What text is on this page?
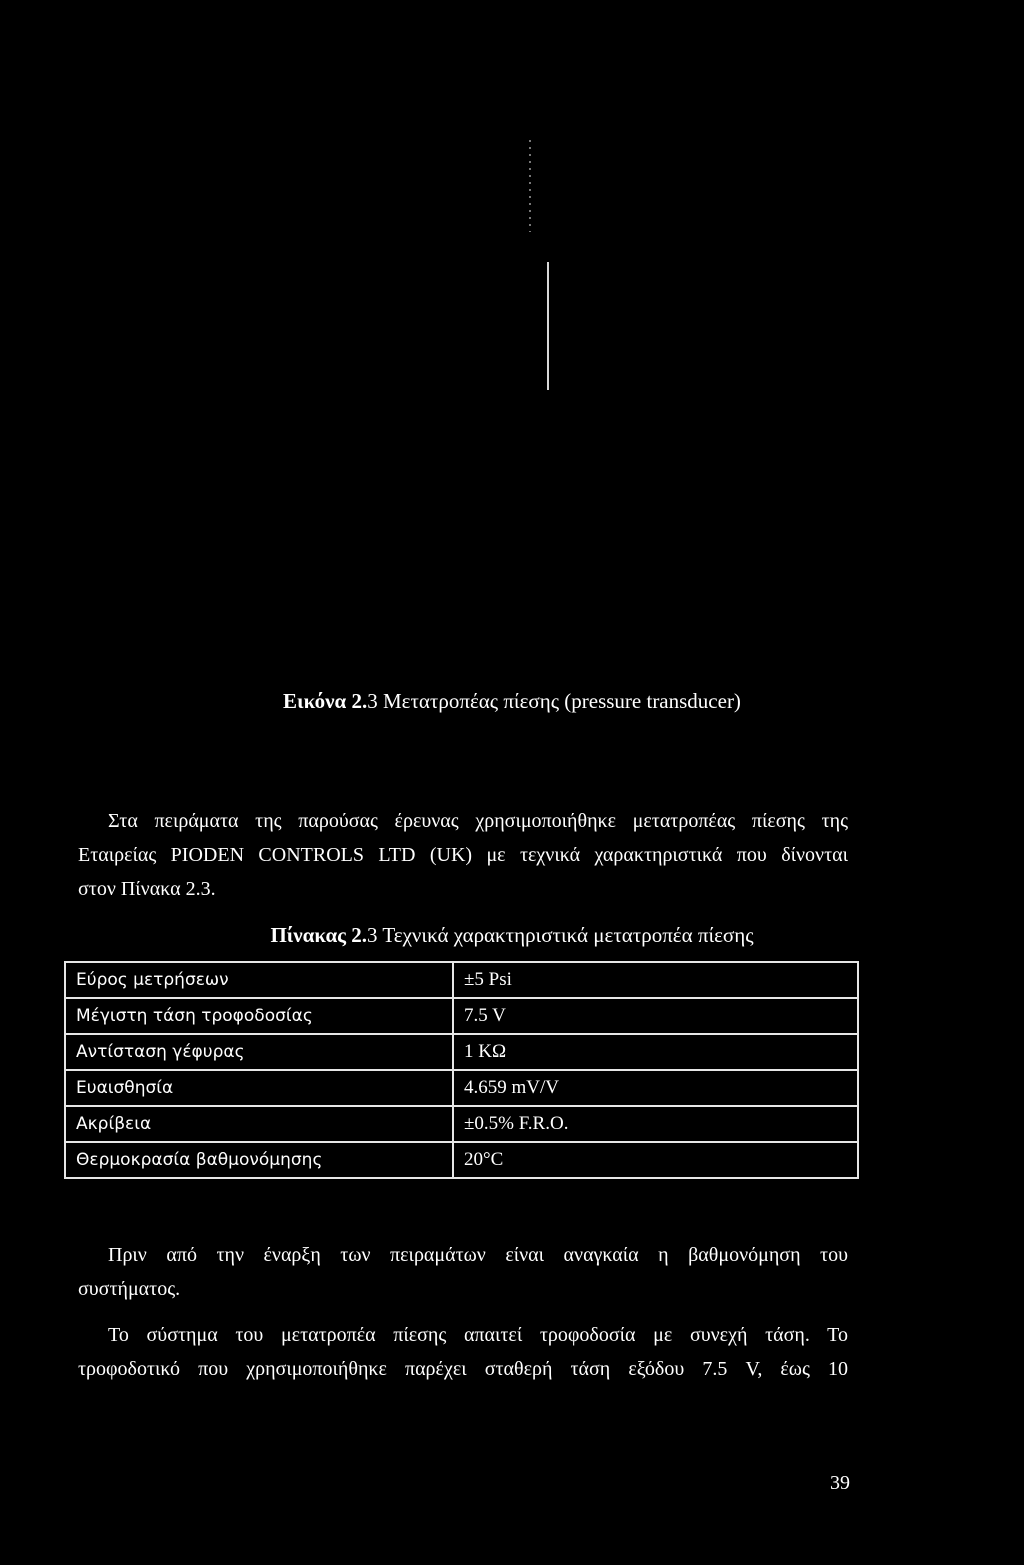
Εικόνα 2.3 Μετατροπέας πίεσης (pressure transducer)
Στα πειράματα της παρούσας έρευνας χρησιμοποιήθηκε μετατροπέας πίεσης της
Εταιρείας PIODEN CONTROLS LTD (UK) με τεχνικά χαρακτηριστικά που δίνονται
στον Πίνακα 2.3.
Πίνακας 2.3 Τεχνικά χαρακτηριστικά μετατροπέα πίεσης
Εύρος μετρήσεων	±5 Psi
Μέγιστη τάση τροφοδοσίας	7.5 V
Αντίσταση γέφυρας	1 KΩ
Ευαισθησία	4.659 mV/V
Ακρίβεια	±0.5% F.R.O.
Θερμοκρασία βαθμονόμησης	20°C
Πριν από την έναρξη των πειραμάτων είναι αναγκαία η βαθμονόμηση του
συστήματος.
Το σύστημα του μετατροπέα πίεσης απαιτεί τροφοδοσία με συνεχή τάση. Το
τροφοδοτικό που χρησιμοποιήθηκε παρέχει σταθερή τάση εξόδου 7.5 V, έως 10
39
